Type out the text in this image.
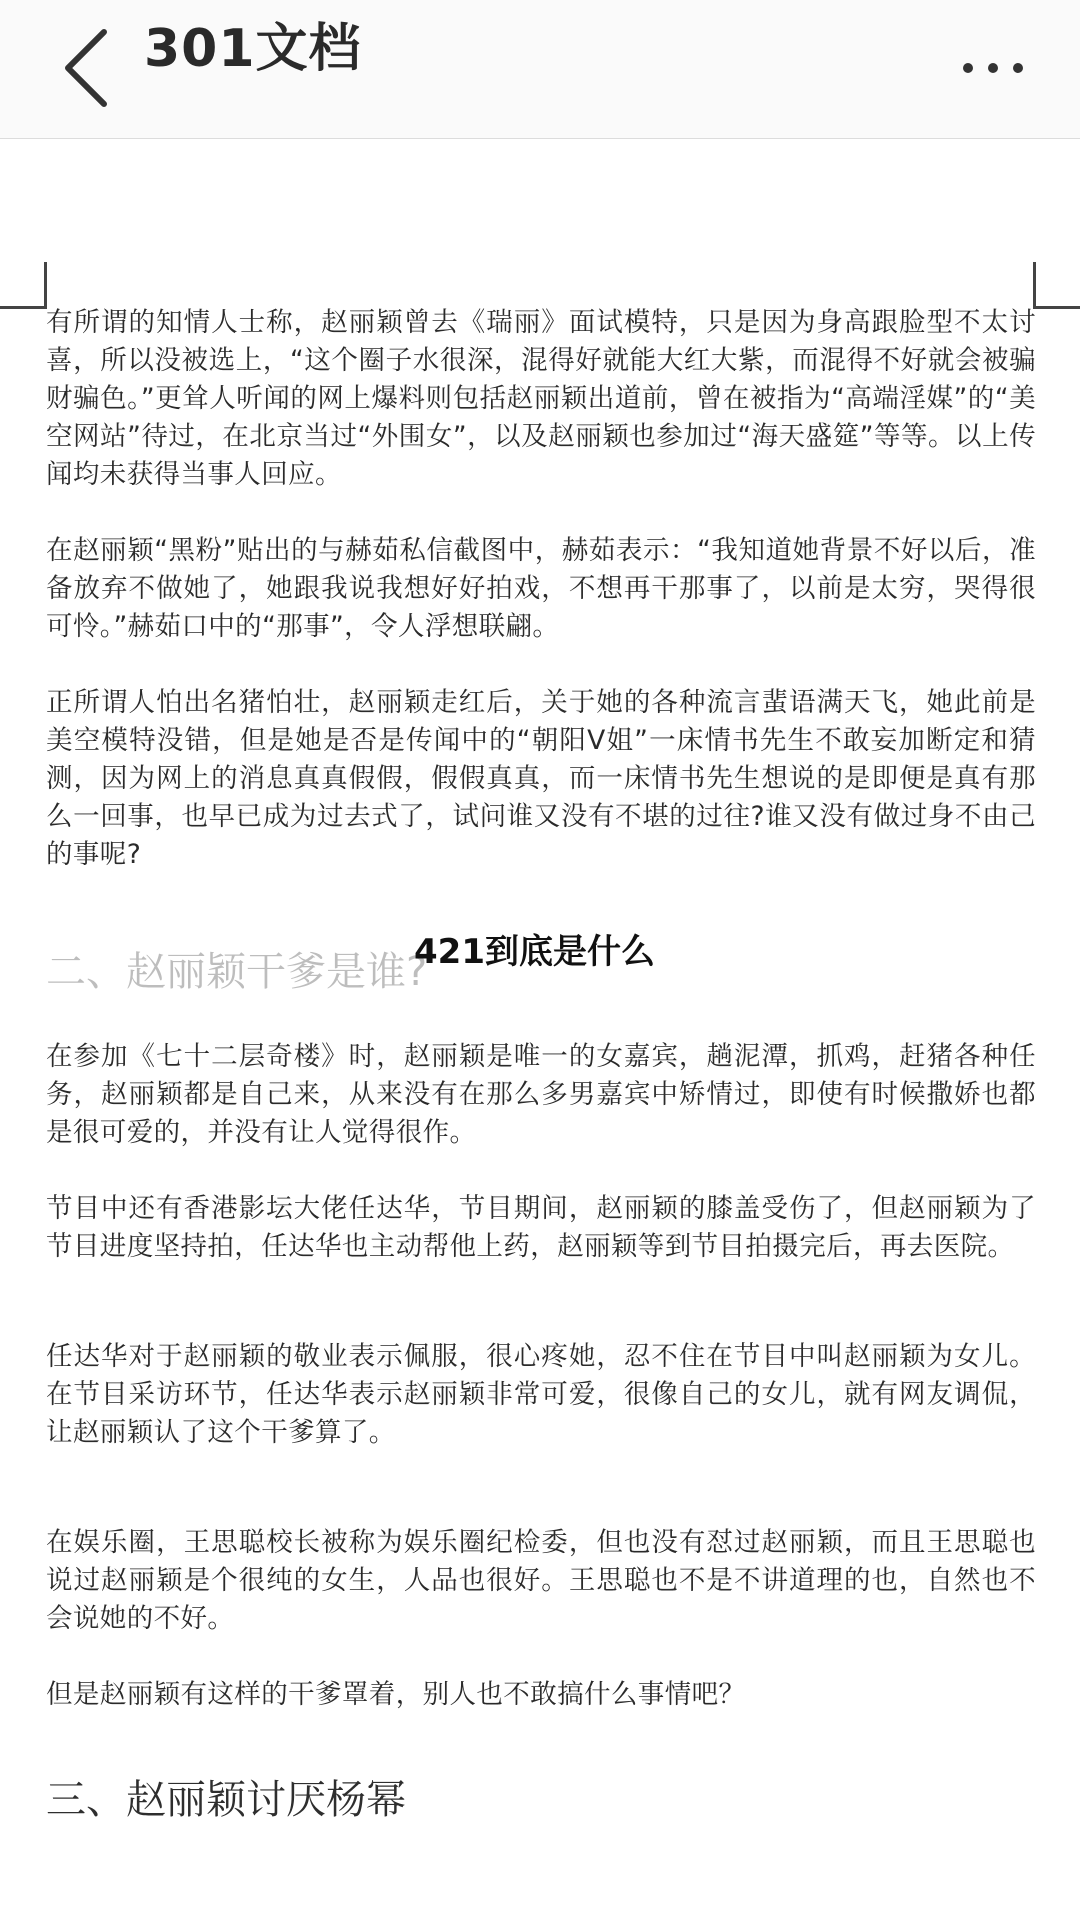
301文档

有所谓的知情人士称，赵丽颖曾去《瑞丽》面试模特，只是因为身高跟脸型不太讨喜，所以没被选上，“这个圈子水很深，混得好就能大红大紫，而混得不好就会被骗财骗色。”更耸人听闻的网上爆料则包括赵丽颖出道前，曾在被指为“高端淫媒”的“美空网站”待过，在北京当过“外围女”，以及赵丽颖也参加过“海天盛筵”等等。以上传闻均未获得当事人回应。

在赵丽颖“黑粉”贴出的与赫茹私信截图中，赫茹表示：“我知道她背景不好以后，准备放弃不做她了，她跟我说我想好好拍戏，不想再干那事了，以前是太穷，哭得很可怜。”赫茹口中的“那事”，令人浮想联翩。

正所谓人怕出名猪怕壮，赵丽颖走红后，关于她的各种流言蜚语满天飞，她此前是美空模特没错，但是她是否是传闻中的“朝阳V姐”一床情书先生不敢妄加断定和猜测，因为网上的消息真真假假，假假真真，而一床情书先生想说的是即便是真有那么一回事，也早已成为过去式了，试问谁又没有不堪的过往?谁又没有做过身不由己的事呢?

二、赵丽颖干爹是谁?

在参加《七十二层奇楼》时，赵丽颖是唯一的女嘉宾，趟泥潭，抓鸡，赶猪各种任务，赵丽颖都是自己来，从来没有在那么多男嘉宾中矫情过，即使有时候撒娇也都是很可爱的，并没有让人觉得很作。

节目中还有香港影坛大佬任达华，节目期间，赵丽颖的膝盖受伤了，但赵丽颖为了节目进度坚持拍，任达华也主动帮他上药，赵丽颖等到节目拍摄完后，再去医院。

任达华对于赵丽颖的敬业表示佩服，很心疼她，忍不住在节目中叫赵丽颖为女儿。在节目采访环节，任达华表示赵丽颖非常可爱，很像自己的女儿，就有网友调侃，让赵丽颖认了这个干爹算了。

在娱乐圈，王思聪校长被称为娱乐圈纪检委，但也没有怼过赵丽颖，而且王思聪也说过赵丽颖是个很纯的女生，人品也很好。王思聪也不是不讲道理的也，自然也不会说她的不好。

但是赵丽颖有这样的干爹罩着，别人也不敢搞什么事情吧？

三、赵丽颖讨厌杨幂
421到底是什么
